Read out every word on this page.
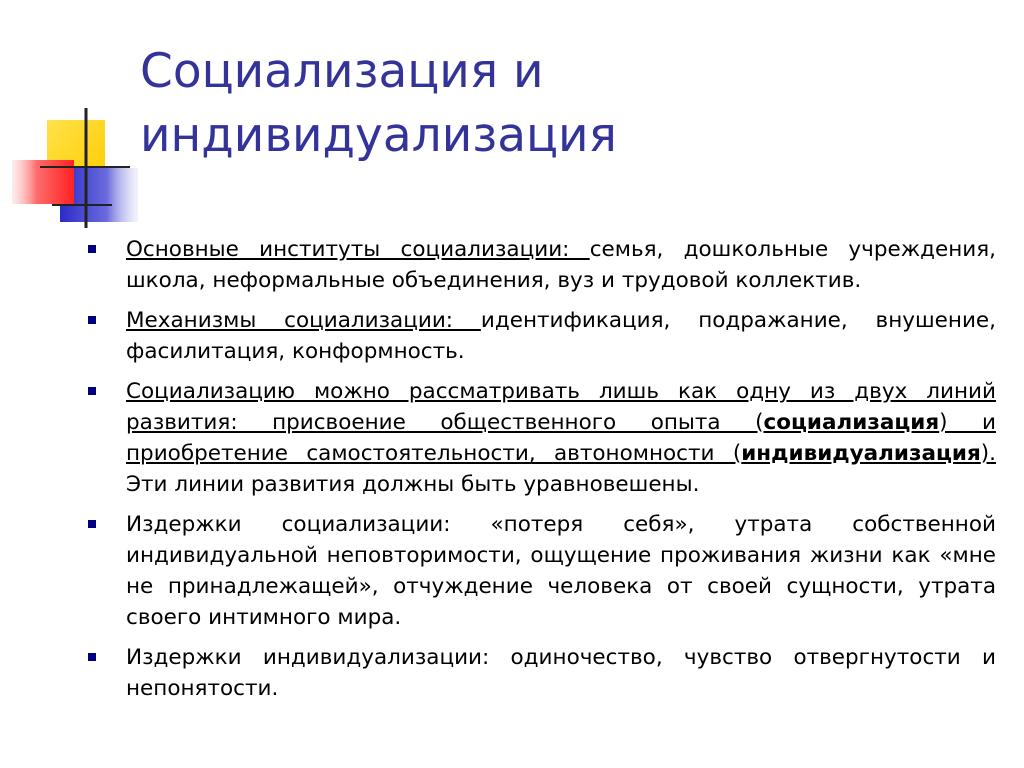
Социализация и
индивидуализация
Основные институты социализации: семья, дошкольные учреждения, школа, неформальные объединения, вуз и трудовой коллектив.
Механизмы социализации: идентификация, подражание, внушение, фасилитация, конформность.
Социализацию можно рассматривать лишь как одну из двух линий развития: присвоение общественного опыта (социализация) и приобретение самостоятельности, автономности (индивидуализация). Эти линии развития должны быть уравновешены.
Издержки социализации: «потеря себя», утрата собственной индивидуальной неповторимости, ощущение проживания жизни как «мне не принадлежащей», отчуждение человека от своей сущности, утрата своего интимного мира.
Издержки индивидуализации: одиночество, чувство отвергнутости и непонятости.
